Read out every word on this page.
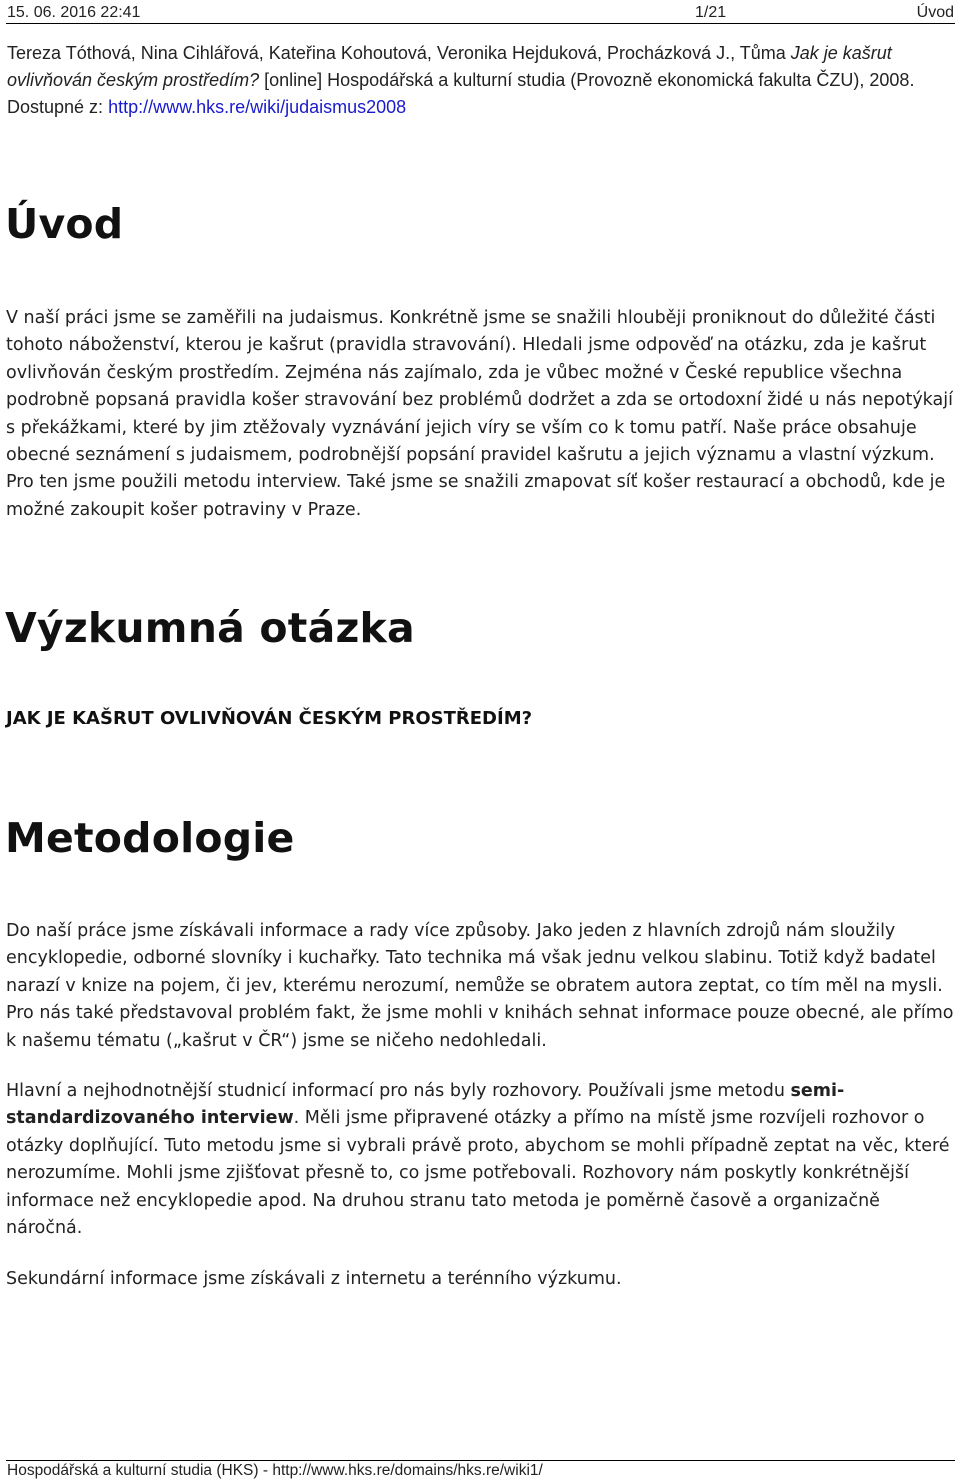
15. 06. 2016 22:41	1/21	Úvod
Tereza Tóthová, Nina Cihlářová, Kateřina Kohoutová, Veronika Hejduková, Procházková J., Tůma Jak je kašrut ovlivňován českým prostředím? [online] Hospodářská a kulturní studia (Provozně ekonomická fakulta ČZU), 2008. Dostupné z: http://www.hks.re/wiki/judaismus2008
Úvod
V naší práci jsme se zaměřili na judaismus. Konkrétně jsme se snažili hlouběji proniknout do důležité části tohoto náboženství, kterou je kašrut (pravidla stravování). Hledali jsme odpověď na otázku, zda je kašrut ovlivňován českým prostředím. Zejména nás zajímalo, zda je vůbec možné v České republice všechna podrobně popsaná pravidla košer stravování bez problémů dodržet a zda se ortodoxní židé u nás nepotýkají s překážkami, které by jim ztěžovaly vyznávání jejich víry se vším co k tomu patří. Naše práce obsahuje obecné seznámení s judaismem, podrobnější popsání pravidel kašrutu a jejich významu a vlastní výzkum. Pro ten jsme použili metodu interview. Také jsme se snažili zmapovat síť košer restaurací a obchodů, kde je možné zakoupit košer potraviny v Praze.
Výzkumná otázka
JAK JE KAŠRUT OVLIVŇOVÁN ČESKÝM PROSTŘEDÍM?
Metodologie
Do naší práce jsme získávali informace a rady více způsoby. Jako jeden z hlavních zdrojů nám sloužily encyklopedie, odborné slovníky i kuchařky. Tato technika má však jednu velkou slabinu. Totiž když badatel narazí v knize na pojem, či jev, kterému nerozumí, nemůže se obratem autora zeptat, co tím měl na mysli. Pro nás také představoval problém fakt, že jsme mohli v knihách sehnat informace pouze obecné, ale přímo k našemu tématu („kašrut v ČR“) jsme se ničeho nedohledali.
Hlavní a nejhodnotnější studnicí informací pro nás byly rozhovory. Používali jsme metodu semi-standardizovaného interview. Měli jsme připravené otázky a přímo na místě jsme rozvíjeli rozhovor o otázky doplňující. Tuto metodu jsme si vybrali právě proto, abychom se mohli případně zeptat na věc, které nerozumíme. Mohli jsme zjišťovat přesně to, co jsme potřebovali. Rozhovory nám poskytly konkrétnější informace než encyklopedie apod. Na druhou stranu tato metoda je poměrně časově a organizačně náročná.
Sekundární informace jsme získávali z internetu a terénního výzkumu.
Hospodářská a kulturní studia (HKS) - http://www.hks.re/domains/hks.re/wiki1/
